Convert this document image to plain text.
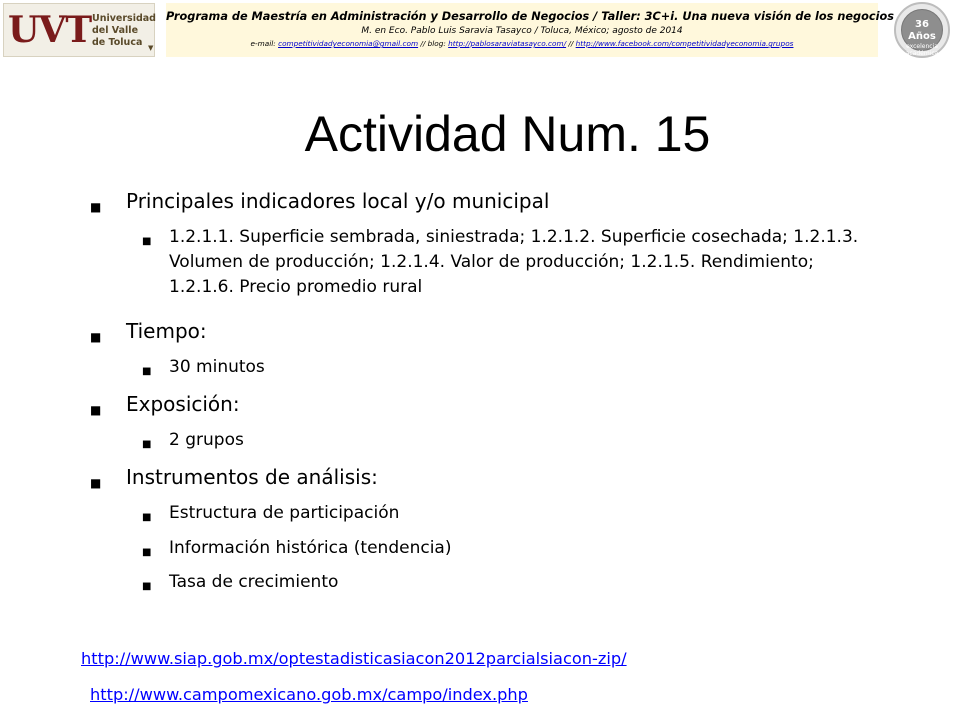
UVT Universidad
del Valle
de Toluca ▼
Programa de Maestría en Administración y Desarrollo de Negocios / Taller: 3C+i. Una nueva visión de los negocios
M. en Eco. Pablo Luis Saravia Tasayco / Toluca, México; agosto de 2014
e-mail: competitividadyeconomia@gmail.com // blog: http://pablosaraviatasayco.com/ // http://www.facebook.com/competitividadyeconomia.grupos
36 Años
excelencia académica
Actividad Num. 15
■ Principales indicadores local y/o municipal
■ 1.2.1.1. Superficie sembrada, siniestrada; 1.2.1.2. Superficie cosechada; 1.2.1.3. Volumen de producción; 1.2.1.4. Valor de producción; 1.2.1.5. Rendimiento; 1.2.1.6. Precio promedio rural
■ Tiempo:
■ 30 minutos
■ Exposición:
■ 2 grupos
■ Instrumentos de análisis:
■ Estructura de participación
■ Información histórica (tendencia)
■ Tasa de crecimiento
http://www.siap.gob.mx/optestadisticasiacon2012parcialsiacon-zip/
http://www.campomexicano.gob.mx/campo/index.php
